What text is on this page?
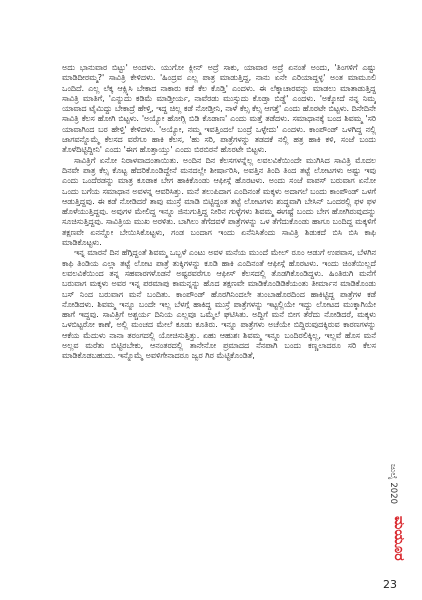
ಅದು ಭಾನುವಾರ ಬಿಟ್ಟು' ಅಂದಳು. ಯುಗೋ ಕ್ಲೀನ್ ಅದ್ರೆ ಸಾಕು, ಯಾವಾರ ಅದ್ರೆ ಏನಂತೆ ಅಂದು, 'ತಿಂಗಳಿಗೆ ಎಷ್ಟು ಮಾಡಿದೀರಮ್ಮ?' ಸಾವಿತ್ರಿ ಕೇಳಿದಳು. 'ಹಿಂದ್ರವ ಎಲ್ಲ ಪಾತ್ರ ಮಾಡುತ್ತಿದ್ದ, ನಾನು ಏನೇ ಎರಿಯಾದ್ದಳ್ಳ' ಅಂತ ಮಾಮೂಲಿ ಒಂದಿದೆ. ಎಲ್ಲ ಲೆಕ್ಕ ಆಕ್ಸ್ಕಿಸಿ ಬೇಕಾದ ನಾಕಾರು ಕಡೆ ಕೆಲ ಕೊಡ್ತಿ' ಎಂದಳು. ಈ ಲೆಕ್ಕಾಚಾರವನ್ನು ಮಾಡಲು ಮಾತಾಡುತ್ತಿದ್ದ ಸಾವಿತ್ರಿ ಮಾತಿಗೆ, 'ಎನ್ನುದು ಕಡಿಮೆ ಮಾಡ್ತೀರ್ಯ, ನಾವೆರಡು ಮುಸ್ಸುದು ಕೊಡ್ತಾ ಬಿಡ್ಡೆ' ಎಂದಳು. 'ಅಕ್ಕೋದೆ ನನ್ನ ನಿಮ್ಮ ಯಾವಾದ ಟೈಮಿದ್ದು ಬೇಕಾದ್ರೆ ಹೇಳ್ತಿ, ಇದ್ದ ಚಿಲ್ಲ ಕಡೆ ನೋಡ್ತೀನಿ, ನಾಳೆ ಕೆಲ್ಸ ಕೆಲ್ಸ ಆಗತ್ತೆ' ಎಂದು ಹೊರಟೇ ಬಿಟ್ಟಳು. ದಿನೇದಿನೇ ಸಾವಿತ್ರಿ ಕೆಲಸ ಹೋಗಿ ಬಿಟ್ಟಳು. 'ಅಯ್ಯೋ ಹೋಗ್ಲಿ ಬಿಡಿ ಕೊಡಾಣ' ಎಂದು ಮತ್ತೆ ತಡೆದಳು. ಸಮಾಧಾನಕ್ಕೆ ಬಂದ ಶಿವಮ್ಮ 'ಸರಿ ಯಾವಾಗಿಂದ ಬರ ಹೇಳ್ತಿ' ಕೇಳಿದಳು. 'ಅಯ್ಯೋ, ನಮ್ಮ ಇವತ್ತಿಂದಲೆ ಬಂದ್ರೆ ಒಳ್ಳೇದು' ಎಂದಳು. ಕಾಂಪೌಂಡ್ ಒಳಗಿದ್ದ ನಲ್ಲಿ ಜಾಗವನ್ನೊಮ್ಮೆ ಕೆಲಸದ ವರೆಗೂ ಹಾಕಿ ಕೆಲಸ, 'ಹು ಸರಿ, ಪಾತ್ರೆಗಳನ್ನು ತಡದಕೆ ನಲ್ಲಿ ಹತ್ರ ಹಾಕಿ ಕಳಿ, ಸಂಜೆ ಬಂದು ತೊಳೆದಿಟ್ಟಿದ್ದೀನಿ' ಎಂದು 'ಈಗ ಹೊತ್ತಾಯ್ತು' ಎಂದು ಬಿರಬಿರನೆ ಹೊರಟೇ ಬಿಟ್ಟಳು.

ಸಾವಿತ್ರಿಗೆ ಏನೋ ನಿರಾಳವಾದಂತಾಯಿತು. ಅಂದಿನ ದಿನ ಕೆಲಸಗಳನ್ನೆಲ್ಲ ಲವಲವಿಕೆಯಿಂದೇ ಮುಗಿಸಿದ ಸಾವಿತ್ರಿ ಮೊದಲ ದಿನವೇ ಪಾತ್ರ ಕೆಲ್ಸ ಕೊಟ್ಟ ಹೆದರಿಕೊಂಡಿದ್ದೇನೆ ಮನದಲ್ಲೇ ಶೀರ್ಷಾರಿಸಿ, ಅವತ್ತಿನ ತಿಂದಿ ತಿಂದ ತಟ್ಟೆ ಲೋಟಗಳು ಅಷ್ಟು ಇವು ಎಂದು ಒಂದೆರಡನ್ನು ಮಾತ್ರ ಕೂಡಾಕ ಬೇಗ ಹಾಕಿಕೊಂಡು ಆಫೀಸ್ಗೆ ಹೊರಟಳು. ಅಂದು ಸಂಜೆ ವಾಪಸ್ ಬರುವಾಗ ಏನೋ ಒಂದು ಬಗೆಯ ಸಮಾಧಾನ ಅವಳನ್ನ ಆವರಿಸಿತ್ತು. ಮನೆ ತಲುಪಿದಾಗ ಎಂದಿನಂತೆ ಮಕ್ಕಳು ಅದಾಗಲೆ ಬಂದು ಕಾಂಪೌಂಡ್ ಒಳಗೆ ಆಡುತ್ತಿದ್ದವು. ಈ ಕಡೆ ನೋಡಿದರೆ ತಾವು ಮುಸ್ರೆ ಮಾಡಿ ಬಿಟ್ಟಿದ್ದಂತ ತಟ್ಟೆ ಲೋಟಗಳು ಶುದ್ಧವಾಗಿ ಬೇಸಿನ್ ಒಂದರಲ್ಲಿ ಫಳ ಫಳ ಹೊಳೆಯುತ್ತಿದ್ದವು. ಅವುಗಳ ಮೇಲಿದ್ದ ಇನ್ನೂ ಜಿನುಗುತ್ತಿದ್ದ ನೀರಿನ ಗುಳ್ಳೆಗಳು ಶಿವಮ್ಮ ಈಗಷ್ಟೆ ಬಂದು ಬೇಗ ಹೋಗಿರುವುದನ್ನು ಸೂಚಿಸುತ್ತಿದ್ದವು. ಸಾವಿತ್ರಿಯ ಮುಖ ಅರಳಿತು. ಬಾಗಿಲು ತೆಗೆದವಳೆ ಪಾತ್ರೆಗಳನ್ನು ಒಳ ತೆಗೆದುಕೊಂಡು ಹಾಗೂ ಬಂದಿದ್ದ ಮಕ್ಕಳಿಗೆ ತಕ್ಷಣವೇ ಏನನ್ನೋ ಬೇಯಿಸಿಕೊಟ್ಟಳು, ಗಂಡ ಬಂದಾಗ ಇಂದು ಏನೆನಿಸಿತೆಂದು ಸಾವಿತ್ರಿ ಶಿಡುಕದೆ ಬಿಸಿ ಬಿಸಿ ಕಾಫಿ ಮಾಡಿಕೊಟ್ಟಳು.

ಇನ್ನ ಮಾರನೆ ದಿನ ಹೆಗ್ಗಿದ್ದಂತೆ ಶಿವಮ್ಮ ಒಬ್ಬಳೆ ಎಂಟು ಅವಳ ಮನೆಯ ಮುಂದೆ ಮೇಲ್ ರೂಂ ಆಡುಗೆ ಉಪವಾಸ, ಬೆಳಗಿನ ಕಾಫಿ ತಿಂಡಿಯ ಎಲ್ಲಾ ತಟ್ಟೆ ಲೋಟ ಪಾತ್ರೆ ತುಕ್ಕಿಗಳನ್ನು ಕೂಡಿ ಹಾಕಿ ಎಂದಿನಂತೆ ಆಫೀಸ್ಗೆ ಹೊರಟಳು. ಇಂದು ಚಿಂತೆಯಿಲ್ಲದೆ ಲವಲವಿಕೆಯಿಂದ ತನ್ನ ಸಹವಾರಗಳೊಡನೆ ಅಷ್ಟರವರೆಗೂ ಆಫೀಸ್ ಕೆಲಸದಲ್ಲಿ ತೊಡಗಿಕೊಂಡಿದ್ದಳು. ಹಿಂತಿರುಗಿ ಮನೆಗೆ ಬರುವಾಗ ಮಕ್ಕಳು ಅವರ ಇನ್ನ ಪರಮಾಪು ಕಾಮನ್ನನ್ನು ಹೊದ ತಕ್ಷಣವೇ ಮಾಡಿಕೊಂಡಿಡಿಕೆಯಂತು ತೀರ್ಮಾನ ಮಾಡಿಕೊಂಡು ಬಸ್ ನಿಂದ ಬರುವಾಗ ಮನೆ ಬಂದಿತು. ಕಾಂಪೌಂಡ್ ಹೊರಗಿನಿಂದಲೇ ತುಂಬಾಹೊರದಿಂದ ಹಾಕಿಟ್ಟಿದ್ದ ಪಾತ್ರೆಗಳ ಕಡೆ ನೋಡಿದಳು. ಶಿವಮ್ಮ ಇನ್ನೂ ಬಂದೇ ಇಲ್ಲ ಬೆಳಗ್ಗೆ ಹಾಕಿದ್ದ ಮುಸ್ರೆ ಪಾತ್ರೆಗಳನ್ನು ಇಟ್ಟಲ್ಲಿಯೇ ಇದ್ದು ಲೋಟದ ಮುಕ್ಕಾಗಿಯೇ ಹಾಗೆ ಇದ್ದವು. ಸಾವಿತ್ರಿಗೆ ಅಶ್ಚರ್ಯ ದಿನಿಯ ಎಲ್ಲವೂ ಒಮ್ಮೆಲೆ ಘಟಿಸಿತು. ಅದ್ದಿಗೆ ಮನೆ ಬೀಗ ತೆರೆದು ನೋಡಿದರೆ, ಮಕ್ಕಳು ಒಳಬಿಟ್ಟರೋ ಕಾಣೆ, ಅಲ್ಲಿ ಮಂಚದ ಮೇಲೆ ಕೂಡು ಕೂತಿರು. ಇನ್ನೂ ಪಾತ್ರೆಗಳು ಅಚೆಯೇ ಬಿದ್ದಿರುವುದಕ್ಕಿರುವ ಕಾರಣಗಳನ್ನು ಆಕೆಯ ಮೆದುಳು ನಾನಾ ತರಂಗದಲ್ಲಿ ಯೋಚಿಸುತ್ತಿತ್ತು. ಏಹು ಆಹುಶಃ ಶಿವಮ್ಮ ಇನ್ನೂ ಬಂದಿರಲಿಕ್ಕಿಲ್ಲ, ಇಲ್ಲವೆ ಹೊಸ ಮನೆ ಅಲ್ಲವ ಮರೆತು ಬಿಟ್ಟಿರಬೇಕು, ಆನಂತರದಲ್ಲಿ ತಾನೇನೋ ಪ್ರಮಾದದ ನೆನಪಾಗಿ ಬಂದು ಕಣ್ಣಲಾದರೂ ಸರಿ ಕೆಲಸ ಮಾಡಿಕೊಡಬಹುದು. ಇನ್ನೊಮ್ಮೆ ಅವಳಿಗೇನಾದರೂ ಜ್ವರ ಗಿರ ಮೆಟ್ಟಿಕೊಂಡಿತೆ,

ಜುಲೈ 2020
ಮಯೂರ
23
